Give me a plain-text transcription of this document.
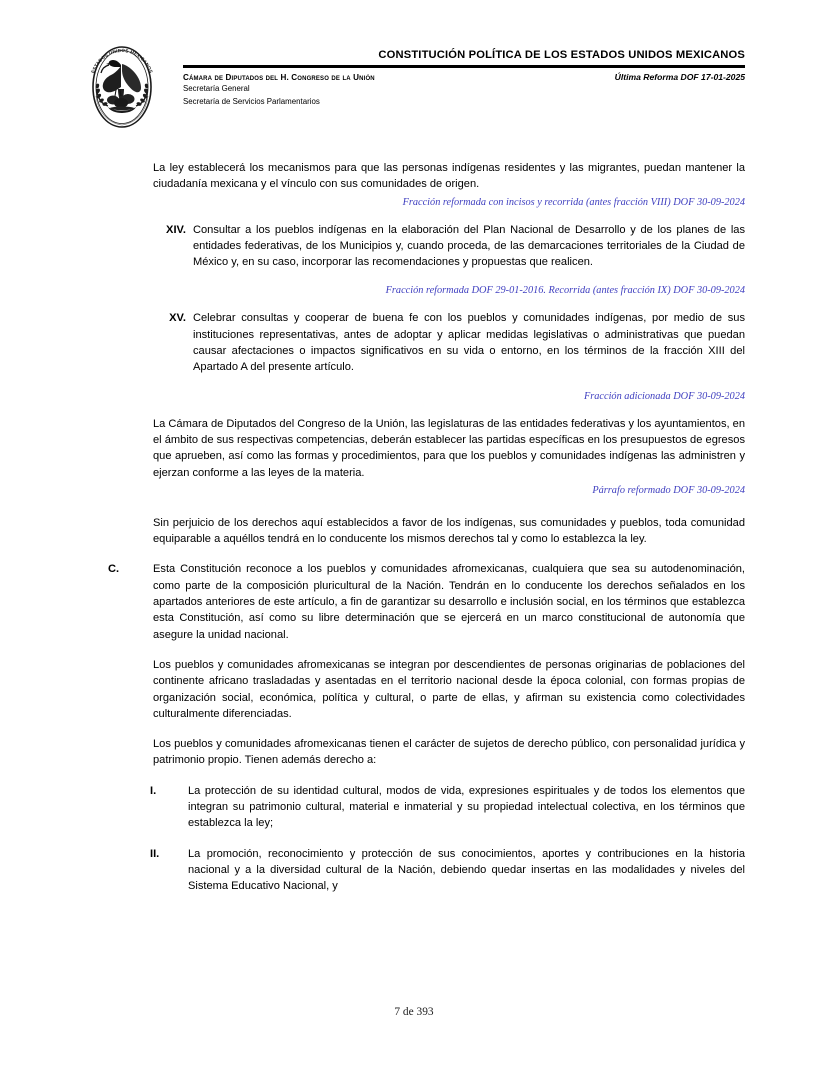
ESTADOS UNIDOS MEXICANOS
CONSTITUCIÓN POLÍTICA DE LOS ESTADOS UNIDOS MEXICANOS
Cámara de Diputados del H. Congreso de la Unión	Última Reforma DOF 17-01-2025
Secretaría General
Secretaría de Servicios Parlamentarios

La ley establecerá los mecanismos para que las personas indígenas residentes y las migrantes, puedan mantener la ciudadanía mexicana y el vínculo con sus comunidades de origen.

Fracción reformada con incisos y recorrida (antes fracción VIII) DOF 30-09-2024

XIV. Consultar a los pueblos indígenas en la elaboración del Plan Nacional de Desarrollo y de los planes de las entidades federativas, de los Municipios y, cuando proceda, de las demarcaciones territoriales de la Ciudad de México y, en su caso, incorporar las recomendaciones y propuestas que realicen.

Fracción reformada DOF 29-01-2016. Recorrida (antes fracción IX) DOF 30-09-2024

XV. Celebrar consultas y cooperar de buena fe con los pueblos y comunidades indígenas, por medio de sus instituciones representativas, antes de adoptar y aplicar medidas legislativas o administrativas que puedan causar afectaciones o impactos significativos en su vida o entorno, en los términos de la fracción XIII del Apartado A del presente artículo.

Fracción adicionada DOF 30-09-2024

La Cámara de Diputados del Congreso de la Unión, las legislaturas de las entidades federativas y los ayuntamientos, en el ámbito de sus respectivas competencias, deberán establecer las partidas específicas en los presupuestos de egresos que aprueben, así como las formas y procedimientos, para que los pueblos y comunidades indígenas las administren y ejerzan conforme a las leyes de la materia.

Párrafo reformado DOF 30-09-2024

Sin perjuicio de los derechos aquí establecidos a favor de los indígenas, sus comunidades y pueblos, toda comunidad equiparable a aquéllos tendrá en lo conducente los mismos derechos tal y como lo establezca la ley.

C.	Esta Constitución reconoce a los pueblos y comunidades afromexicanas, cualquiera que sea su autodenominación, como parte de la composición pluricultural de la Nación. Tendrán en lo conducente los derechos señalados en los apartados anteriores de este artículo, a fin de garantizar su desarrollo e inclusión social, en los términos que establezca esta Constitución, así como su libre determinación que se ejercerá en un marco constitucional de autonomía que asegure la unidad nacional.

Los pueblos y comunidades afromexicanas se integran por descendientes de personas originarias de poblaciones del continente africano trasladadas y asentadas en el territorio nacional desde la época colonial, con formas propias de organización social, económica, política y cultural, o parte de ellas, y afirman su existencia como colectividades culturalmente diferenciadas.

Los pueblos y comunidades afromexicanas tienen el carácter de sujetos de derecho público, con personalidad jurídica y patrimonio propio. Tienen además derecho a:

I.	La protección de su identidad cultural, modos de vida, expresiones espirituales y de todos los elementos que integran su patrimonio cultural, material e inmaterial y su propiedad intelectual colectiva, en los términos que establezca la ley;
II.	La promoción, reconocimiento y protección de sus conocimientos, aportes y contribuciones en la historia nacional y a la diversidad cultural de la Nación, debiendo quedar insertas en las modalidades y niveles del Sistema Educativo Nacional, y
7 de 393
